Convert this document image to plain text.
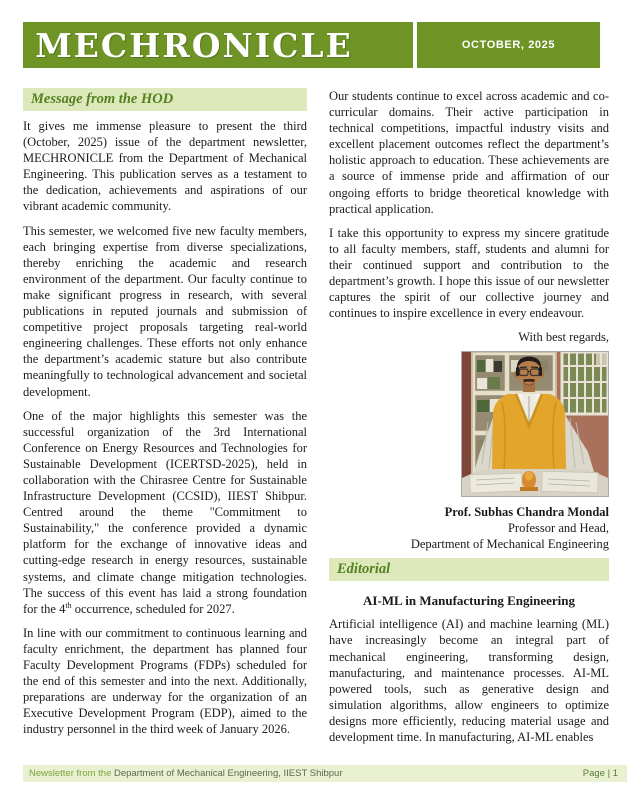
MECHRONICLE	OCTOBER, 2025
Message from the HOD

It gives me immense pleasure to present the third (October, 2025) issue of the department newsletter, MECHRONICLE from the Department of Mechanical Engineering. This publication serves as a testament to the dedication, achievements and aspirations of our vibrant academic community.

This semester, we welcomed five new faculty members, each bringing expertise from diverse specializations, thereby enriching the academic and research environment of the department. Our faculty continue to make significant progress in research, with several publications in reputed journals and submission of competitive project proposals targeting real-world engineering challenges. These efforts not only enhance the department’s academic stature but also contribute meaningfully to technological advancement and societal development.

One of the major highlights this semester was the successful organization of the 3rd International Conference on Energy Resources and Technologies for Sustainable Development (ICERTSD-2025), held in collaboration with the Chirasree Centre for Sustainable Infrastructure Development (CCSID), IIEST Shibpur. Centred around the theme "Commitment to Sustainability," the conference provided a dynamic platform for the exchange of innovative ideas and cutting-edge research in energy resources, sustainable systems, and climate change mitigation technologies. The success of this event has laid a strong foundation for the 4th occurrence, scheduled for 2027.

In line with our commitment to continuous learning and faculty enrichment, the department has planned four Faculty Development Programs (FDPs) scheduled for the end of this semester and into the next. Additionally, preparations are underway for the organization of an Executive Development Program (EDP), aimed to the industry personnel in the third week of January 2026.

Our students continue to excel across academic and co-curricular domains. Their active participation in technical competitions, impactful industry visits and excellent placement outcomes reflect the department’s holistic approach to education. These achievements are a source of immense pride and affirmation of our ongoing efforts to bridge theoretical knowledge with practical application.

I take this opportunity to express my sincere gratitude to all faculty members, staff, students and alumni for their continued support and contribution to the department’s growth. I hope this issue of our newsletter captures the spirit of our collective journey and continues to inspire excellence in every endeavour.

With best regards,
Prof. Subhas Chandra Mondal
Professor and Head,
Department of Mechanical Engineering
Editorial
AI-ML in Manufacturing Engineering

Artificial intelligence (AI) and machine learning (ML) have increasingly become an integral part of mechanical engineering, transforming design, manufacturing, and maintenance processes. AI-ML powered tools, such as generative design and simulation algorithms, allow engineers to optimize designs more efficiently, reducing material usage and development time. In manufacturing, AI-ML enables

Newsletter from the Department of Mechanical Engineering, IIEST Shibpur	Page | 1
